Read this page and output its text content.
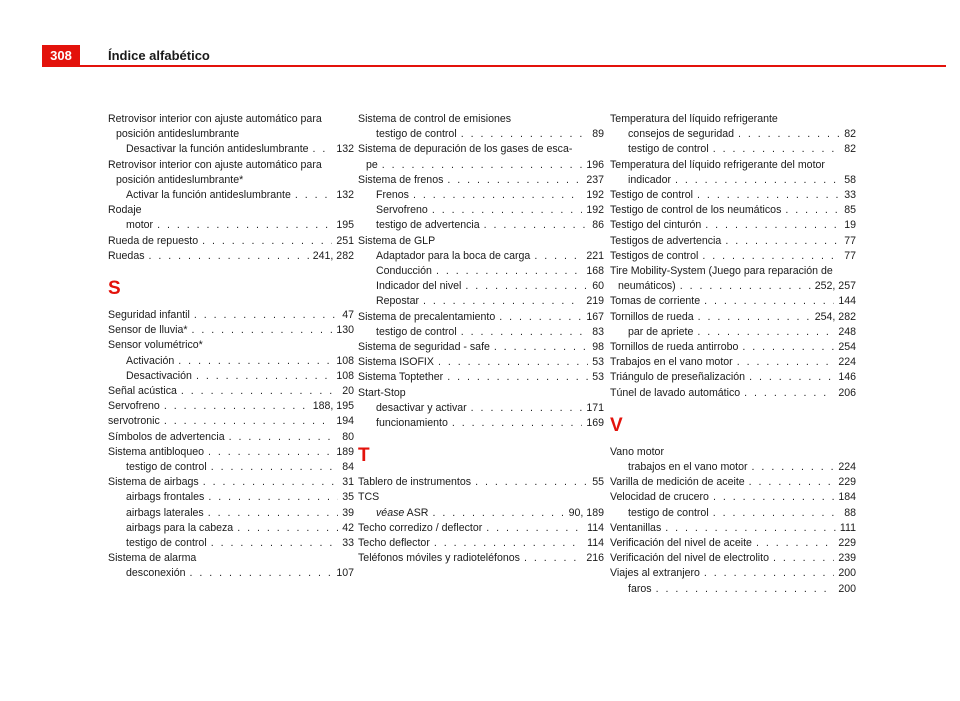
308	Índice alfabético
Retrovisor interior con ajuste automático para
posición antideslumbrante
Desactivar la función antideslumbrante . . .	132
Retrovisor interior con ajuste automático para
posición antideslumbrante*
Activar la función antideslumbrante . . .	132
Rodaje
motor . . .	195
Rueda de repuesto . . .	251
Ruedas . . .	241, 282
S
Seguridad infantil . . .	47
Sensor de lluvia* . . .	130
Sensor volumétrico*
Activación . . .	108
Desactivación . . .	108
Señal acústica . . .	20
Servofreno . . .	188, 195
servotronic . . .	194
Símbolos de advertencia . . .	80
Sistema antibloqueo . . .	189
testigo de control . . .	84
Sistema de airbags . . .	31
airbags frontales . . .	35
airbags laterales . . .	39
airbags para la cabeza . . .	42
testigo de control . . .	33
Sistema de alarma
desconexión . . .	107
Sistema de control de emisiones
testigo de control . . .	89
Sistema de depuración de los gases de esca-
pe . . .	196
Sistema de frenos . . .	237
Frenos . . .	192
Servofreno . . .	192
testigo de advertencia . . .	86
Sistema de GLP
Adaptador para la boca de carga . . .	221
Conducción . . .	168
Indicador del nivel . . .	60
Repostar . . .	219
Sistema de precalentamiento . . .	167
testigo de control . . .	83
Sistema de seguridad - safe . . .	98
Sistema ISOFIX . . .	53
Sistema Toptether . . .	53
Start-Stop
desactivar y activar . . .	171
funcionamiento . . .	169
T
Tablero de instrumentos . . .	55
TCS
véase ASR . . .	90, 189
Techo corredizo / deflector . . .	114
Techo deflector . . .	114
Teléfonos móviles y radioteléfonos . . .	216
Temperatura del líquido refrigerante
consejos de seguridad . . .	82
testigo de control . . .	82
Temperatura del líquido refrigerante del motor
indicador . . .	58
Testigo de control . . .	33
Testigo de control de los neumáticos . . .	85
Testigo del cinturón . . .	19
Testigos de advertencia . . .	77
Testigos de control . . .	77
Tire Mobility-System (Juego para reparación de
neumáticos) . . .	252, 257
Tomas de corriente . . .	144
Tornillos de rueda . . .	254, 282
par de apriete . . .	248
Tornillos de rueda antirrobo . . .	254
Trabajos en el vano motor . . .	224
Triángulo de preseñalización . . .	146
Túnel de lavado automático . . .	206
V
Vano motor
trabajos en el vano motor . . .	224
Varilla de medición de aceite . . .	229
Velocidad de crucero . . .	184
testigo de control . . .	88
Ventanillas . . .	111
Verificación del nivel de aceite . . .	229
Verificación del nivel de electrolito . . .	239
Viajes al extranjero . . .	200
faros . . .	200
